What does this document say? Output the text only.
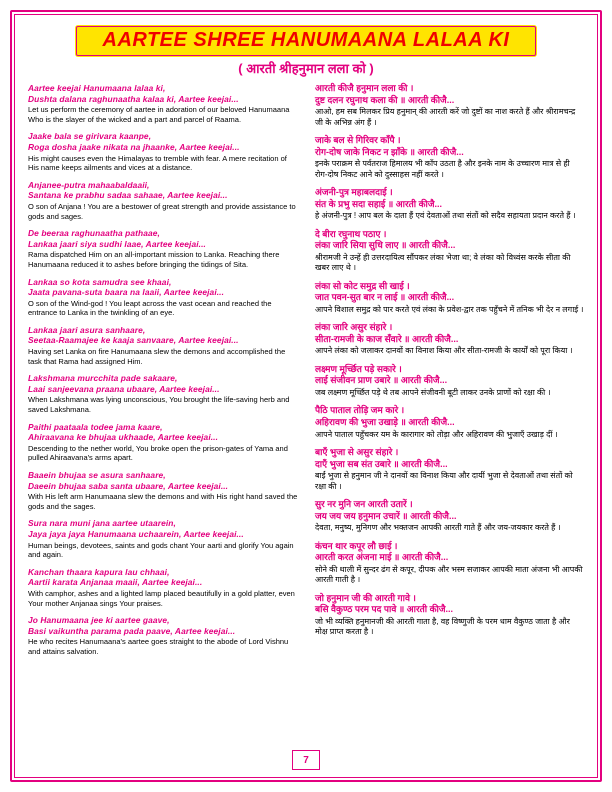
AARTEE SHREE HANUMAANA LALAA KI
( आरती श्रीहनुमान लला को )
Aartee keejai Hanumaana lalaa ki,
Dushta dalana raghunaatha kalaa ki, Aartee keejai...
Let us perform the ceremony of aartee in adoration of our beloved Hanumaana Who is the slayer of the wicked and a part and parcel of Raama.
Jaake bala se girivara kaanpe,
Roga dosha jaake nikata na jhaanke, Aartee keejai...
His might causes even the Himalayas to tremble with fear. A mere recitation of His name keeps ailments and vices at a distance.
Anjanee-putra mahaabaldaaii,
Santana ke prabhu sadaa sahaae, Aartee keejai...
O son of Anjana ! You are a bestower of great strength and provide assistance to gods and sages.
De beeraa raghunaatha pathaae,
Lankaa jaari siya sudhi laae, Aartee keejai...
Rama dispatched Him on an all-important mission to Lanka. Reaching there Hanumaana reduced it to ashes before bringing the tidings of Sita.
Lankaa so kota samudra see khaai,
Jaata pavana-suta baara na laaii, Aartee keejai...
O son of the Wind-god ! You leapt across the vast ocean and reached the entrance to Lanka in the twinkling of an eye.
Lankaa jaari asura sanhaare,
Seetaa-Raamajee ke kaaja sanvaare, Aartee keejai...
Having set Lanka on fire Hanumaana slew the demons and accomplished the task that Rama had assigned Him.
Lakshmana murcchita pade sakaare,
Laai sanjeevana praana ubaare, Aartee keejai...
When Lakshmana was lying unconscious, You brought the life-saving herb and saved Lakshmana.
Paithi paataala todee jama kaare,
Ahiraavana ke bhujaa ukhaade, Aartee keejai...
Descending to the nether world, You broke open the prison-gates of Yama and pulled Ahiraavana's arms apart.
Baaein bhujaa se asura sanhaare,
Daeein bhujaa saba santa ubaare, Aartee keejai...
With His left arm Hanumaana slew the demons and with His right hand saved the gods and the sages.
Sura nara muni jana aartee utaarein,
Jaya jaya jaya Hanumaana uchaarein, Aartee keejai...
Human beings, devotees, saints and gods chant Your aarti and glorify You again and again.
Kanchan thaara kapura lau chhaai,
Aartii karata Anjanaa maaii, Aartee keejai...
With camphor, ashes and a lighted lamp placed beautifully in a gold platter, even Your mother Anjanaa sings Your praises.
Jo Hanumaana jee ki aartee gaave,
Basi vaikuntha parama pada paave, Aartee keejai...
He who recites Hanumaana's aartee goes straight to the abode of Lord Vishnu and attains salvation.
आरती कीजै हनुमान लला की ।
दुष्ट दलन रघुनाथ कला की ॥ आरती कीजै...
आओ, हम सब मिलकर प्रिय हनुमान् की आरती करें जो दुष्टों का नाश करते हैं और श्रीरामचन्द्र जी के अभिन्न अंग हैं ।
जाके बल से गिरिवर कॉंपै ।
रोग-दोष जाके निकट न झॉंके ॥ आरती कीजै...
इनके पराक्रम से पर्वतराज हिमालय भी कॉंप उठता है और इनके नाम के उच्चारण मात्र से ही रोग-दोष निकट आने को दुस्साहस नहीं करते ।
अंजनी-पुत्र महाबलदाई ।
संत के प्रभु सदा सहाई ॥ आरती कीजै...
हे अंजनी-पुत्र ! आप बल के दाता हैं एवं देवताओं तथा संतों को सदैव सहायता प्रदान करते हैं ।
दे बीरा रघुनाथ पठाए ।
लंका जारि सिया सुधि लाए ॥ आरती कीजै...
श्रीरामजी ने उन्हें ही उत्तरदायित्व सौंपकर लंका भेजा था; वे लंका को विध्वंस करके सीता की खबर लाए थे ।
लंका सो कोट समुद्र सी खाई ।
जात पवन-सुत बार न लाई ॥ आरती कीजै...
आपने विशाल समुद्र को पार करते एवं लंका के प्रवेश-द्वार तक पहुँचने में तनिक भी देर न लगाई ।
लंका जारि असुर संहारे ।
सीता-रामजी के काज सँवारे ॥ आरती कीजै...
आपने लंका को जलाकर दानवों का विनाश किया और सीता-रामजी के कार्यों को पूरा किया ।
लक्ष्मण मूर्च्छित पड़े सकारे ।
लाई संजीवन प्राण उबारे ॥ आरती कीजै...
जब लक्ष्मण मूर्च्छित पड़े थे तब आपने संजीवनी बूटी लाकर उनके प्राणों को रक्षा की ।
पैठि पाताल तोड़ि जम कारे ।
अहिरावण की भुजा उखाड़े ॥ आरती कीजै...
आपने पाताल पहुँचकर यम के कारागार को तोड़ा और अहिरावण की भुजाएँ उखाड़ दीं ।
बाएँ भुजा से असुर संहारे ।
दाएँ भुजा सब संत उबारे ॥ आरती कीजै...
बाईं भुजा से हनुमान जी ने दानवों का विनाश किया और दायीं भुजा से देवताओं तथा संतों को रक्षा की ।
सुर नर मुनि जन आरती उतारें ।
जय जय जय हनुमान उचारें ॥ आरती कीजै...
देवता, मनुष्य, मुनिगण और भक्तजन आपकी आरती गाते हैं और जय-जयकार करते हैं ।
कंचन थार कपूर लौ छाई ।
आरती करत अंजना माई ॥ आरती कीजै...
सोने की थाली में सुन्दर ढंग से कपूर, दीपक और भस्म सजाकर आपकी माता अंजना भी आपकी आरती गाती है ।
जो हनुमान जी की आरती गावे ।
बसि वैकुण्ठ परम पद पावे ॥ आरती कीजै...
जो भी व्यक्ति हनुमानजी की आरती गाता है, वह विष्णुजी के परम धाम वैकुण्ठ जाता है और मोक्ष प्राप्त करता है ।
7
